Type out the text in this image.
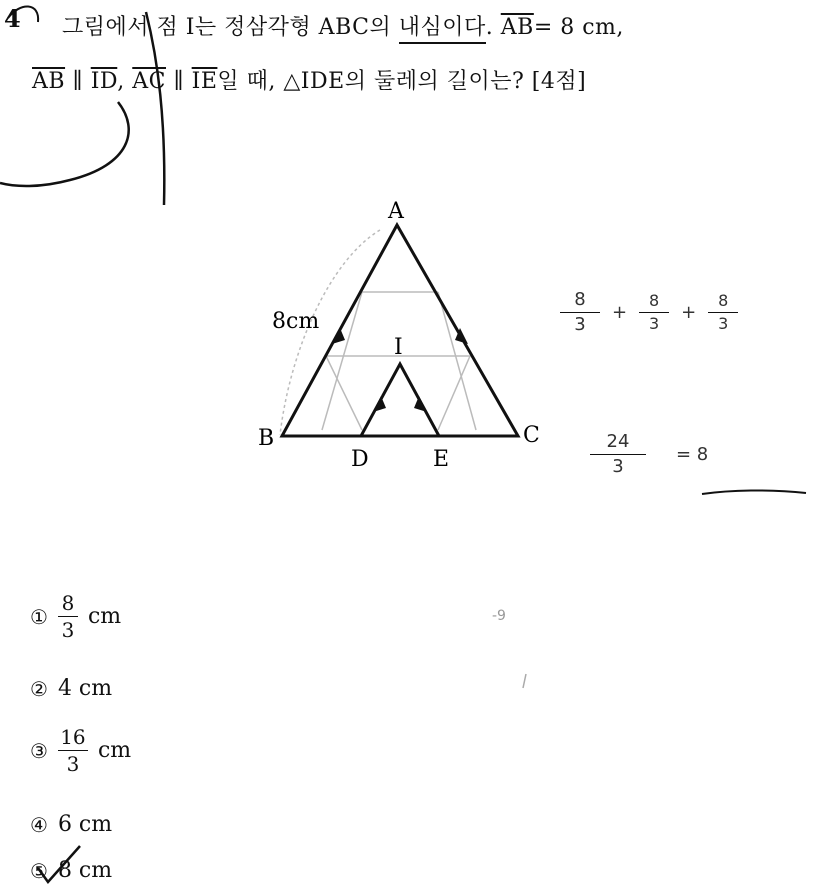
4 그림에서 점 I는 정삼각형 ABC의 내심이다. $\overline{AB}= 8$ cm,
$\overline{AB}$ ∥ $\overline{ID}$, $\overline{AC}$ ∥ $\overline{IE}$일 때, △IDE의 둘레의 길이는? [4점]
A
B	C
D	E
I
8cm	$\frac{8}{3} + \frac{8}{3} + \frac{8}{3}$
$\frac{24}{3} = 8$
-9
① $\frac{8}{3}$ cm
② 4 cm
③ $\frac{16}{3}$ cm
④ 6 cm
⑤ 8 cm
